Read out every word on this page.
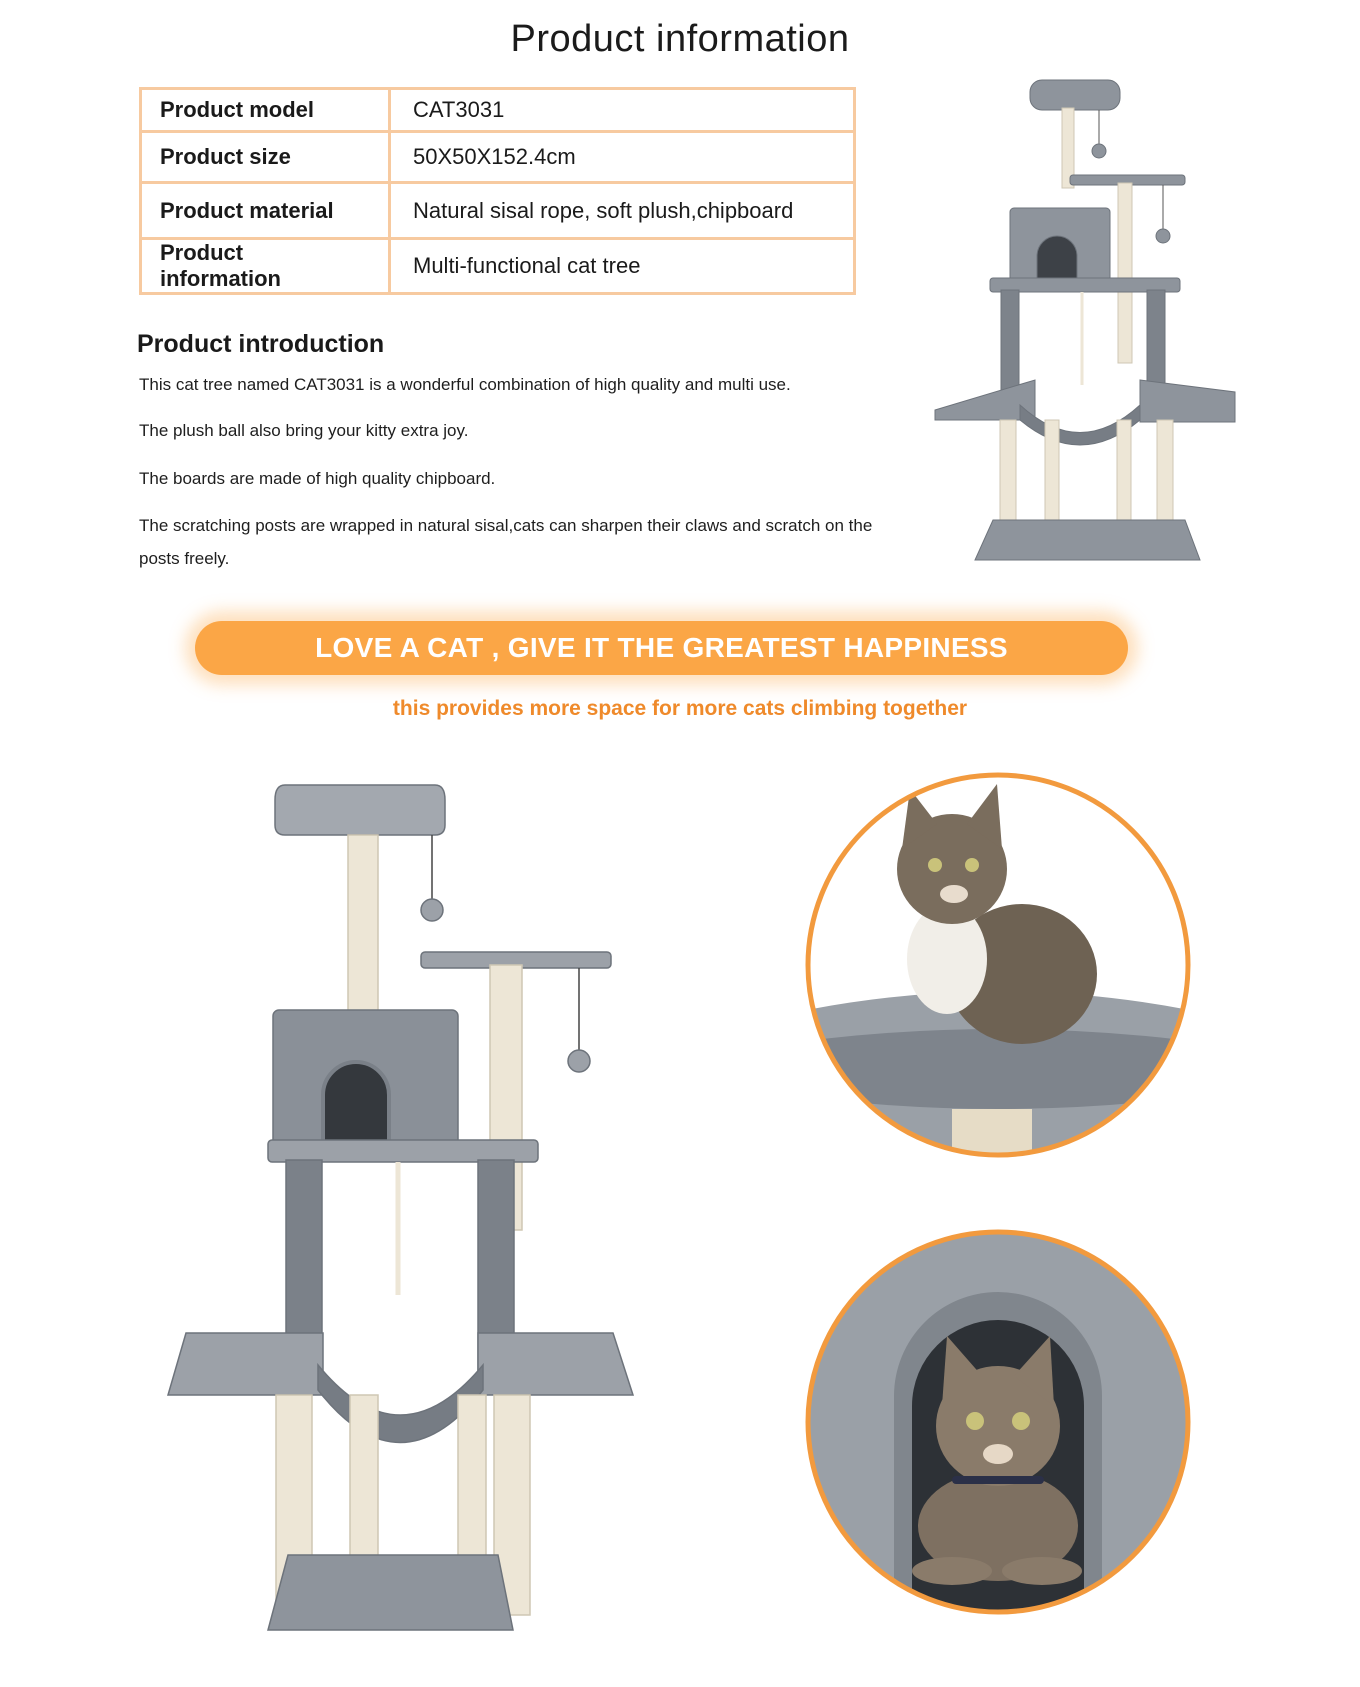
Product information
Product model	CAT3031
Product size	50X50X152.4cm
Product material	Natural sisal rope, soft plush,chipboard
Product information	Multi-functional cat tree
Product introduction

This cat tree named CAT3031 is a wonderful combination of high quality and multi use.

The plush ball also bring your kitty extra joy.

The boards are made of high quality chipboard.

The scratching posts are wrapped in natural sisal,cats can sharpen their claws and scratch on the posts freely.

LOVE A CAT , GIVE IT THE GREATEST HAPPINESS

this provides more space for more cats climbing together
